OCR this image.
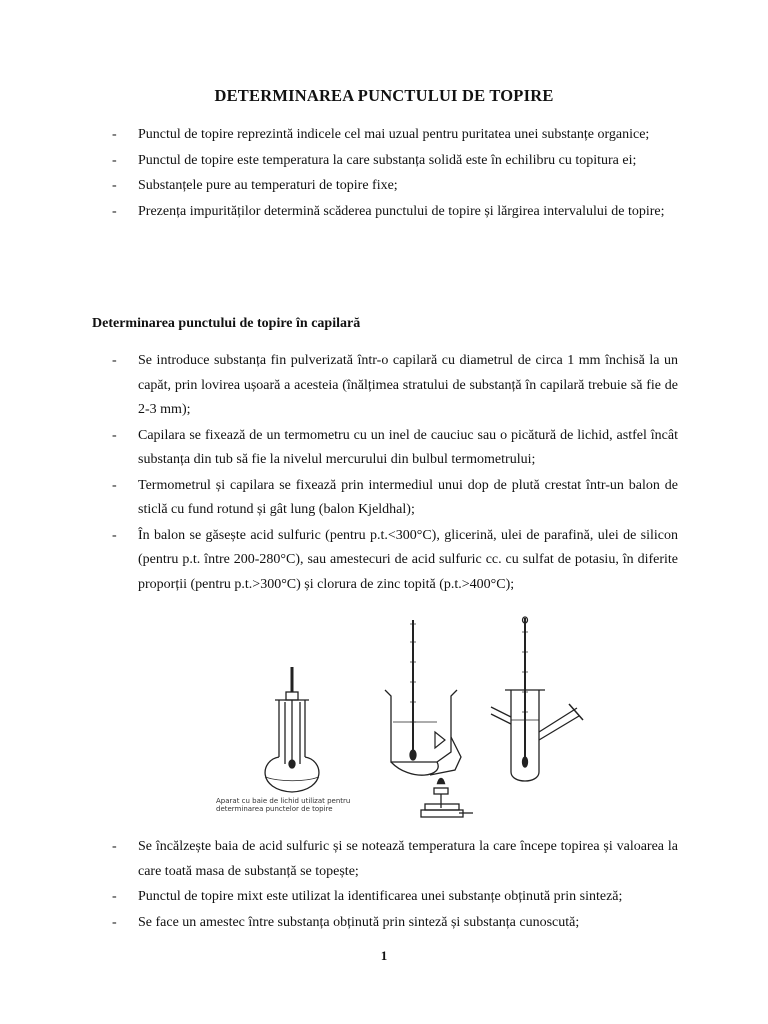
DETERMINAREA PUNCTULUI DE TOPIRE
- Punctul de topire reprezintă indicele cel mai uzual pentru puritatea unei substanțe organice;
- Punctul de topire este temperatura la care substanța solidă este în echilibru cu topitura ei;
- Substanțele pure au temperaturi de topire fixe;
- Prezența impurităților determină scăderea punctului de topire și lărgirea intervalului de topire;
Determinarea punctului de topire în capilară
- Se introduce substanța fin pulverizată într-o capilară cu diametrul de circa 1 mm închisă la un capăt, prin lovirea ușoară a acesteia (înălțimea stratului de substanță în capilară trebuie să fie de 2-3 mm);
- Capilara se fixează de un termometru cu un inel de cauciuc sau o picătură de lichid, astfel încât substanța din tub să fie la nivelul mercurului din bulbul termometrului;
- Termometrul și capilara se fixează prin intermediul unui dop de plută crestat într-un balon de sticlă cu fund rotund și gât lung (balon Kjeldhal);
- În balon se găsește acid sulfuric (pentru p.t.<300°C), glicerină, ulei de parafină, ulei de silicon (pentru p.t. între 200-280°C), sau amestecuri de acid sulfuric cc. cu sulfat de potasiu, în diferite proporții (pentru p.t.>300°C) și clorura de zinc topită (p.t.>400°C);
Aparat cu baie de lichid utilizat pentru determinarea punctelor de topire
- Se încălzește baia de acid sulfuric și se notează temperatura la care începe topirea și valoarea la care toată masa de substanță se topește;
- Punctul de topire mixt este utilizat la identificarea unei substanțe obținută prin sinteză;
- Se face un amestec între substanța obținută prin sinteză și substanța cunoscută;
1
